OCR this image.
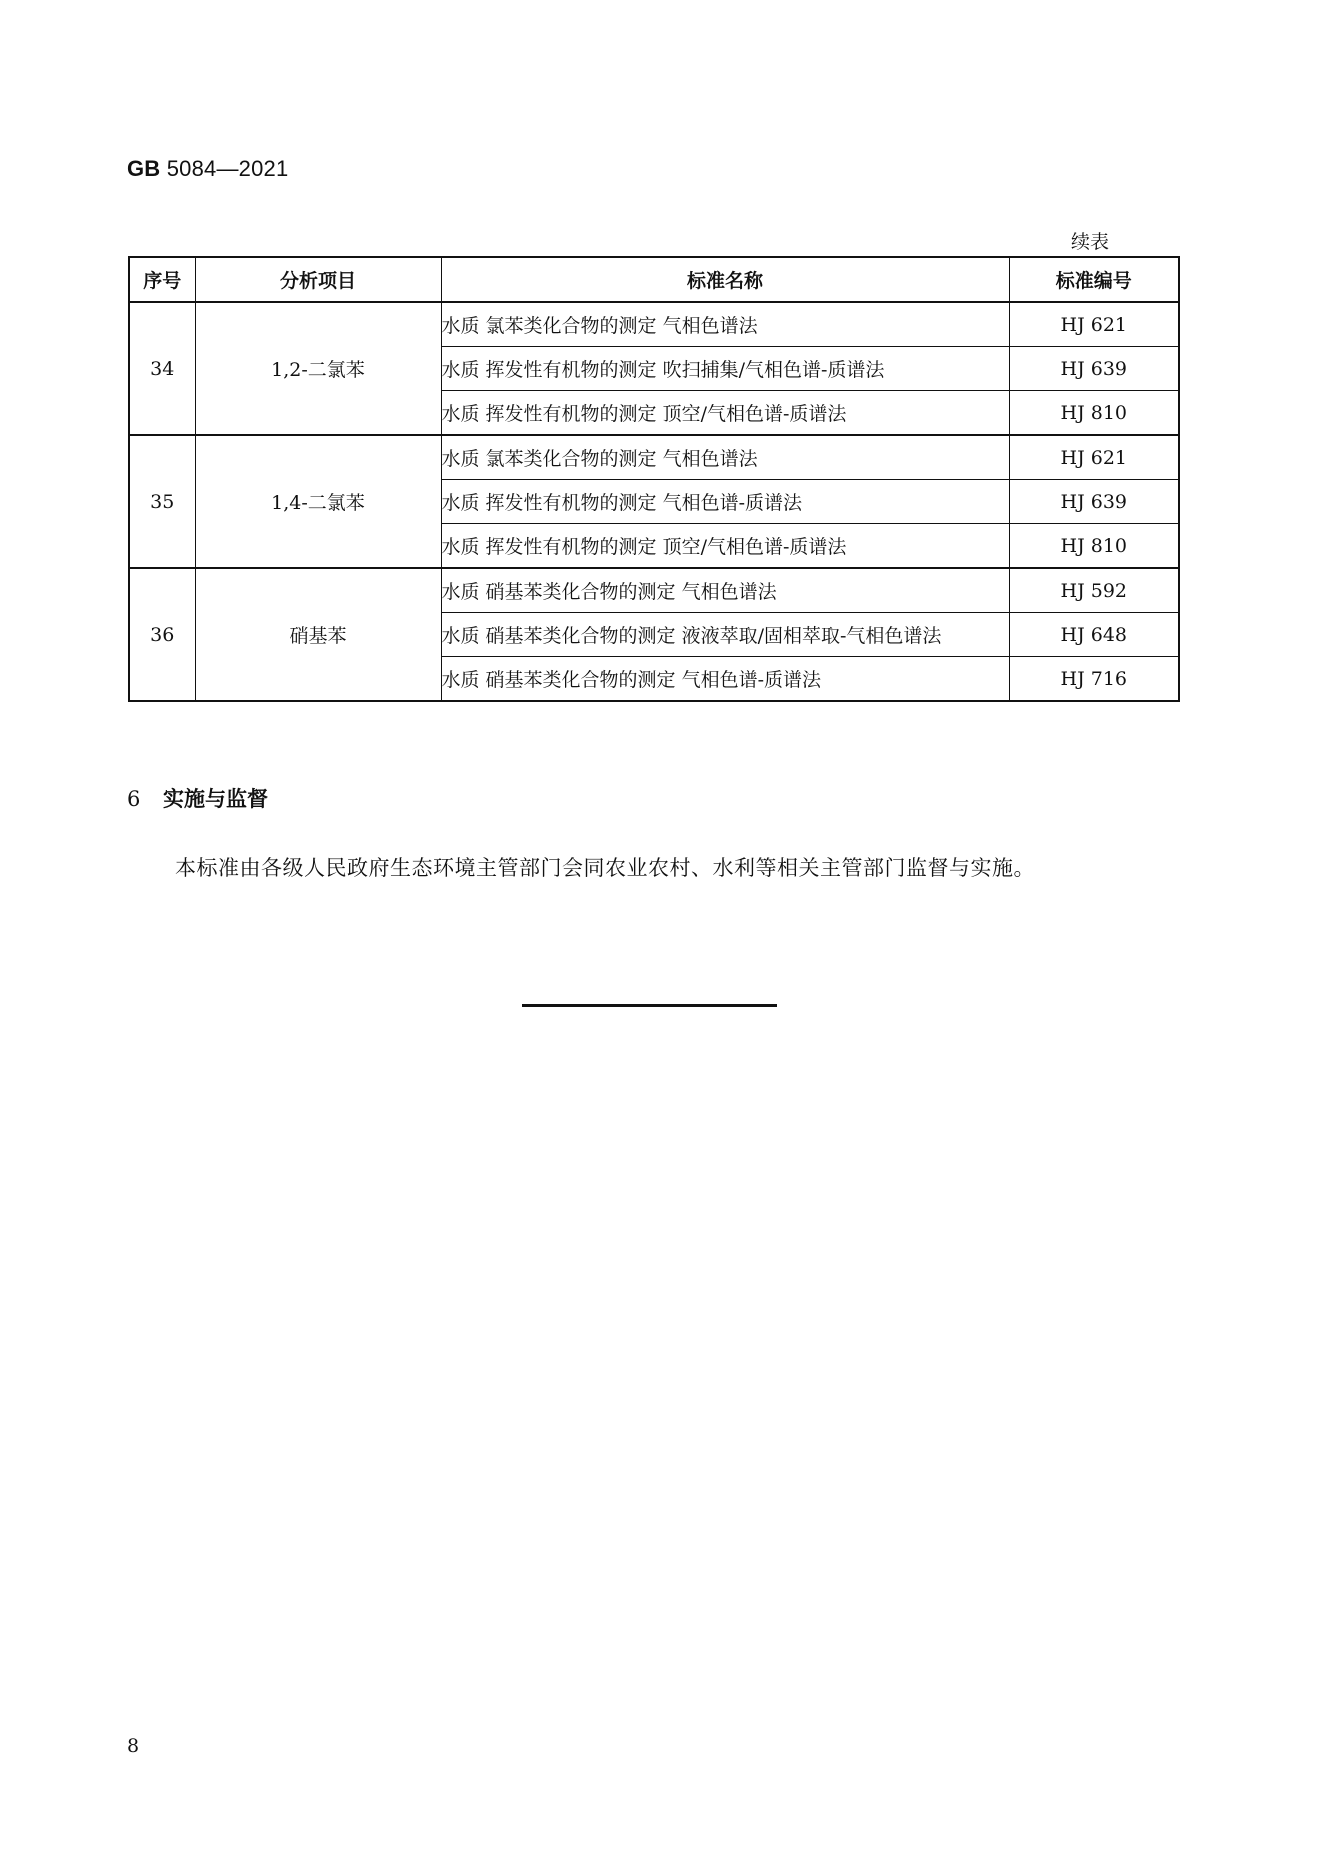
GB 5084—2021
续表
序号	分析项目	标准名称	标准编号
34	1,2-二氯苯	水质 氯苯类化合物的测定 气相色谱法	HJ 621
		水质 挥发性有机物的测定 吹扫捕集/气相色谱-质谱法	HJ 639
		水质 挥发性有机物的测定 顶空/气相色谱-质谱法	HJ 810
35	1,4-二氯苯	水质 氯苯类化合物的测定 气相色谱法	HJ 621
		水质 挥发性有机物的测定 气相色谱-质谱法	HJ 639
		水质 挥发性有机物的测定 顶空/气相色谱-质谱法	HJ 810
36	硝基苯	水质 硝基苯类化合物的测定 气相色谱法	HJ 592
		水质 硝基苯类化合物的测定 液液萃取/固相萃取-气相色谱法	HJ 648
		水质 硝基苯类化合物的测定 气相色谱-质谱法	HJ 716
6 实施与监督
本标准由各级人民政府生态环境主管部门会同农业农村、水利等相关主管部门监督与实施。
8
